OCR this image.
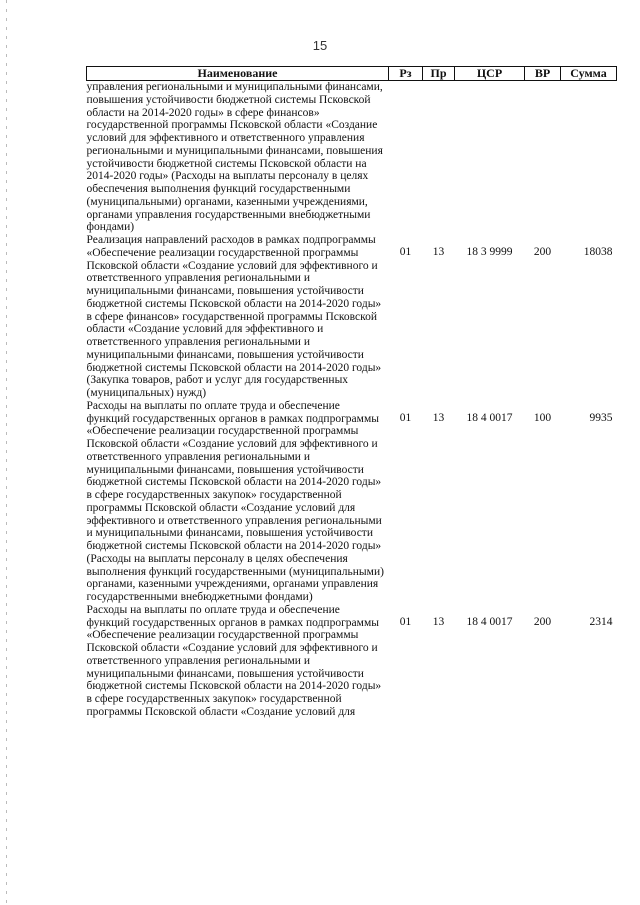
15
Наименование	Рз	Пр	ЦСР	ВР	Сумма
управления региональными и муниципальными финансами, повышения устойчивости бюджетной системы Псковской области на 2014-2020 годы» в сфере финансов» государственной программы Псковской области «Создание условий для эффективного и ответственного управления региональными и муниципальными финансами, повышения устойчивости бюджетной системы Псковской области на 2014-2020 годы» (Расходы на выплаты персоналу в целях обеспечения выполнения функций государственными (муниципальными) органами, казенными учреждениями, органами управления государственными внебюджетными фондами)					
Реализация направлений расходов в рамках подпрограммы «Обеспечение реализации государственной программы Псковской области «Создание условий для эффективного и ответственного управления региональными и муниципальными финансами, повышения устойчивости бюджетной системы Псковской области на 2014-2020 годы» в сфере финансов» государственной программы Псковской области «Создание условий для эффективного и ответственного управления региональными и муниципальными финансами, повышения устойчивости бюджетной системы Псковской области на 2014-2020 годы» (Закупка товаров, работ и услуг для государственных (муниципальных) нужд)	01	13	18 3 9999	200	18038
Расходы на выплаты по оплате труда и обеспечение функций государственных органов в рамках подпрограммы «Обеспечение реализации государственной программы Псковской области «Создание условий для эффективного и ответственного управления региональными и муниципальными финансами, повышения устойчивости бюджетной системы Псковской области на 2014-2020 годы» в сфере государственных закупок» государственной программы Псковской области «Создание условий для эффективного и ответственного управления региональными и муниципальными финансами, повышения устойчивости бюджетной системы Псковской области на 2014-2020 годы» (Расходы на выплаты персоналу в целях обеспечения выполнения функций государственными (муниципальными) органами, казенными учреждениями, органами управления государственными внебюджетными фондами)	01	13	18 4 0017	100	9935
Расходы на выплаты по оплате труда и обеспечение функций государственных органов в рамках подпрограммы «Обеспечение реализации государственной программы Псковской области «Создание условий для эффективного и ответственного управления региональными и муниципальными финансами, повышения устойчивости бюджетной системы Псковской области на 2014-2020 годы» в сфере государственных закупок» государственной программы Псковской области «Создание условий для	01	13	18 4 0017	200	2314
